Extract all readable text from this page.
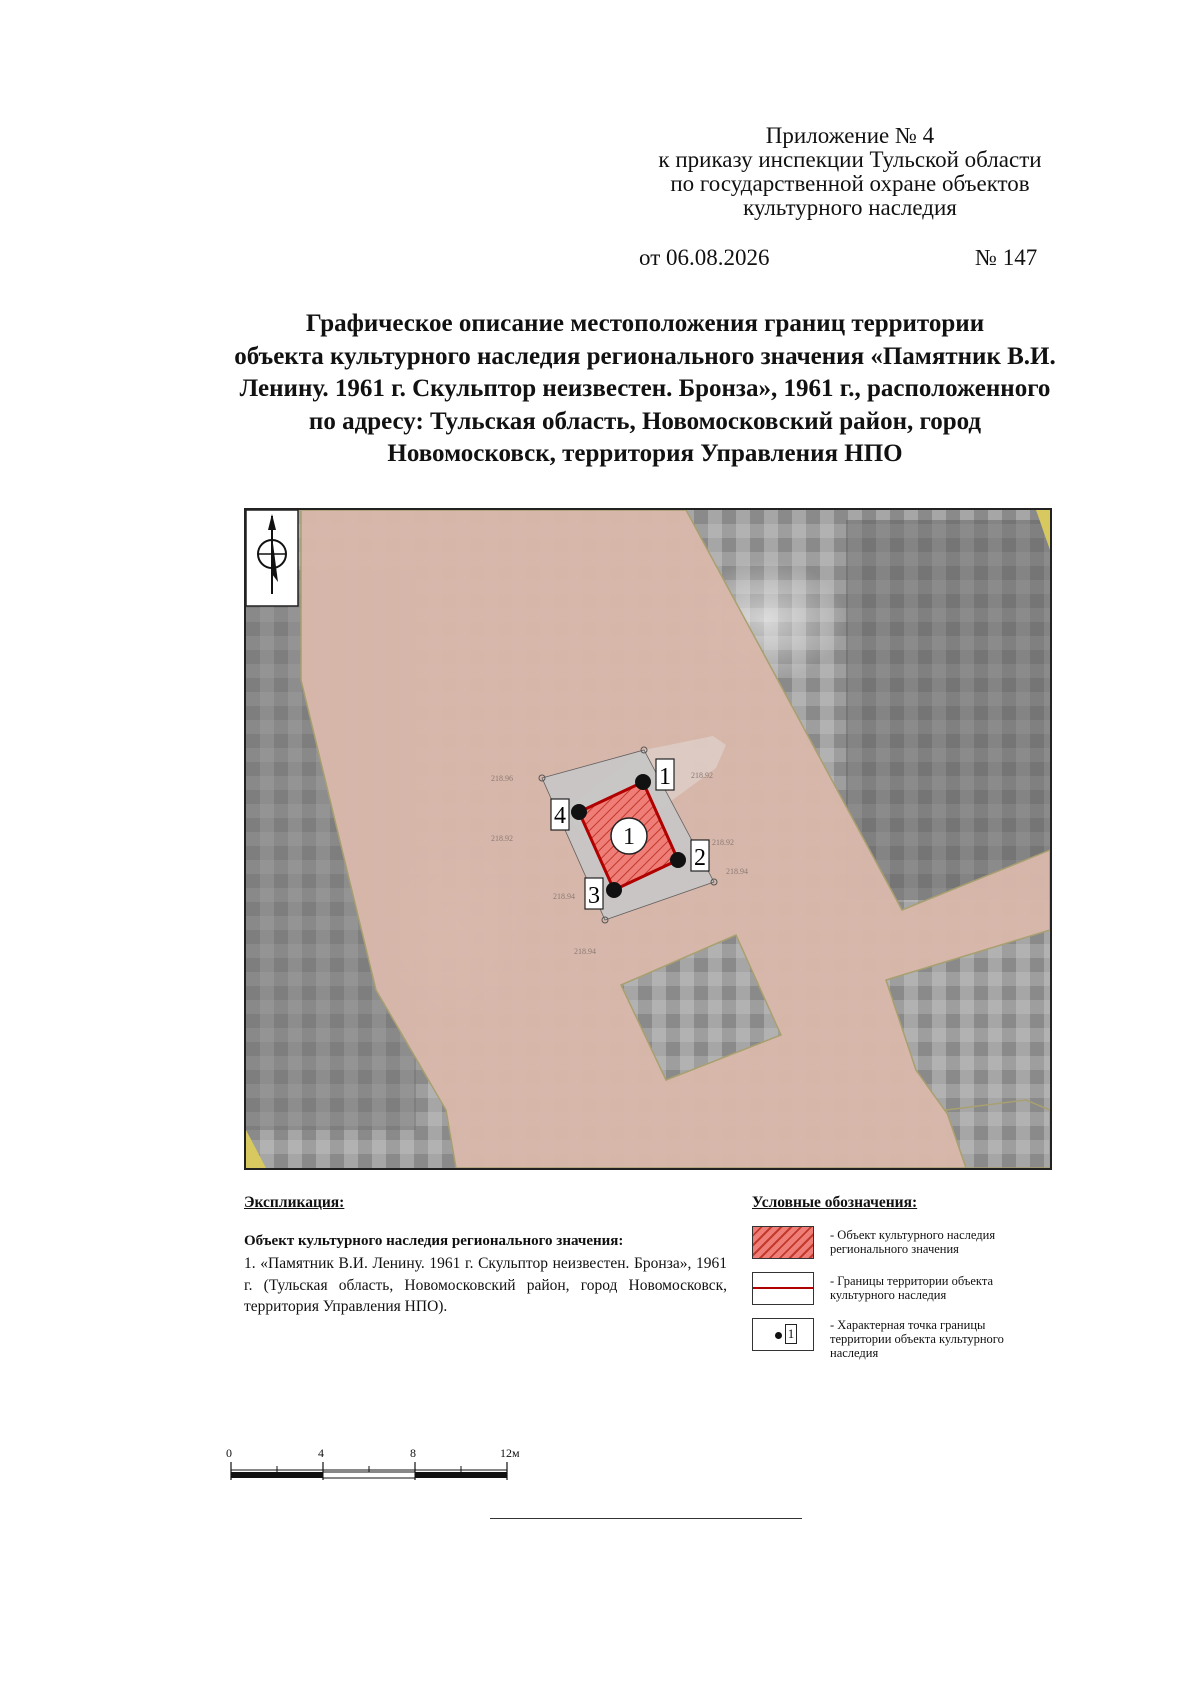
Приложение № 4
к приказу инспекции Тульской области
по государственной охране объектов
культурного наследия
от 06.08.2026	№ 147
Графическое описание местоположения границ территории
объекта культурного наследия регионального значения «Памятник В.И.
Ленину. 1961 г. Скульптор неизвестен. Бронза», 1961 г., расположенного
по адресу: Тульская область, Новомосковский район, город
Новомосковск, территория Управления НПО
218.96	218.92
218.92	218.92
218.94
218.94
218.94
1
1
2
3
4
Экспликация:
Объект культурного наследия регионального значения:
1. «Памятник В.И. Ленину. 1961 г. Скульптор неизвестен. Бронза», 1961 г. (Тульская область, Новомосковский район, город Новомосковск, территория Управления НПО).
Условные обозначения:
- Объект культурного наследия регионального значения
- Границы территории объекта культурного наследия
1
- Характерная точка границы территории объекта культурного наследия
0	4	8	12м
